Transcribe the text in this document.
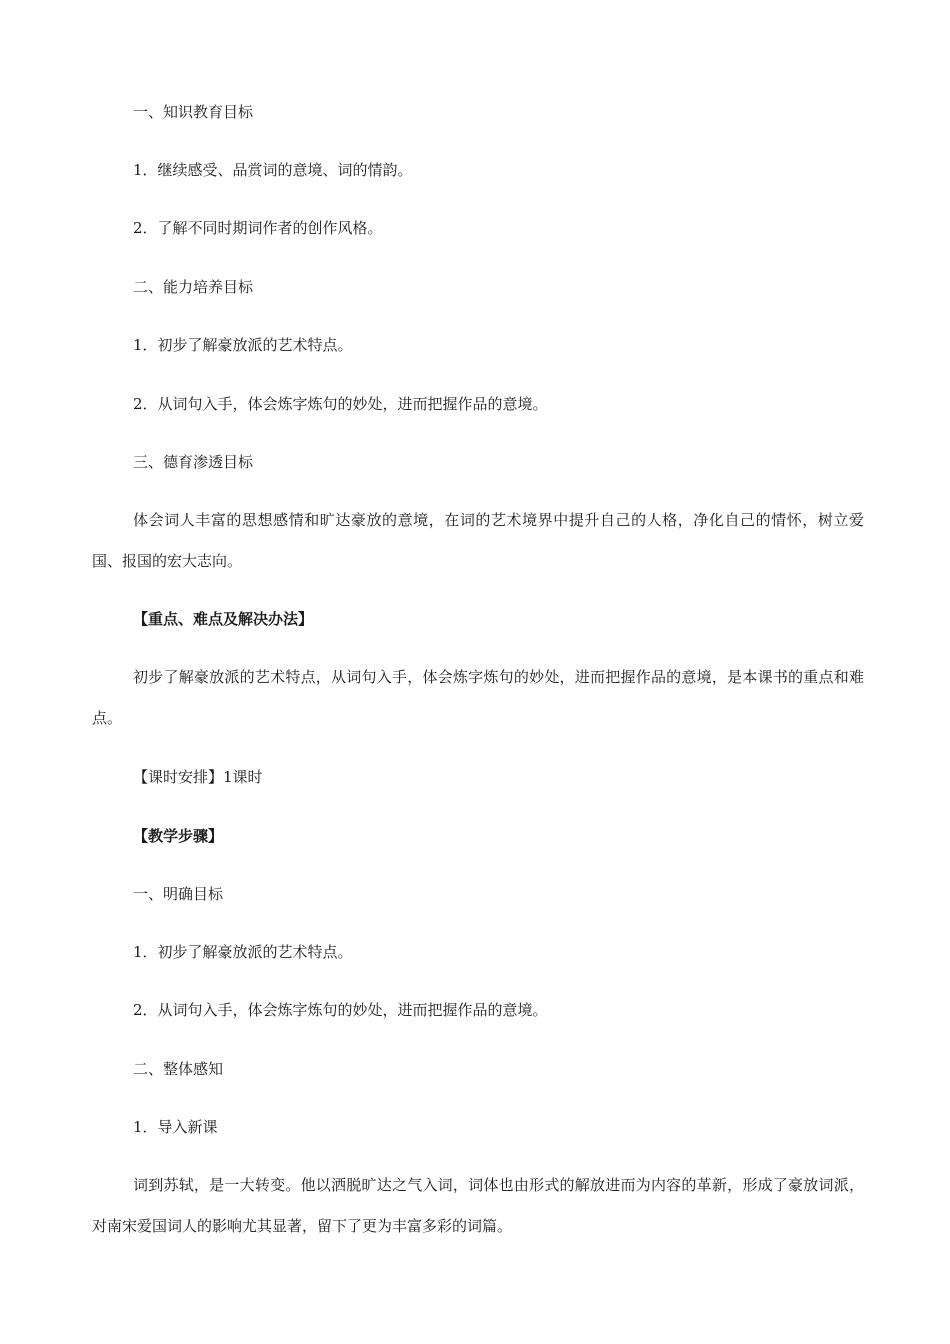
一、知识教育目标
1．继续感受、品赏词的意境、词的情韵。
2．了解不同时期词作者的创作风格。
二、能力培养目标
1．初步了解豪放派的艺术特点。
2．从词句入手，体会炼字炼句的妙处，进而把握作品的意境。
三、德育渗透目标
体会词人丰富的思想感情和旷达豪放的意境，在词的艺术境界中提升自己的人格，净化自己的情怀，树立爱国、报国的宏大志向。
【重点、难点及解决办法】
初步了解豪放派的艺术特点，从词句入手，体会炼字炼句的妙处，进而把握作品的意境，是本课书的重点和难点。
【课时安排】1课时
【教学步骤】
一、明确目标
1．初步了解豪放派的艺术特点。
2．从词句入手，体会炼字炼句的妙处，进而把握作品的意境。
二、整体感知
1．导入新课
词到苏轼，是一大转变。他以洒脱旷达之气入词，词体也由形式的解放进而为内容的革新，形成了豪放词派，对南宋爱国词人的影响尤其显著，留下了更为丰富多彩的词篇。
